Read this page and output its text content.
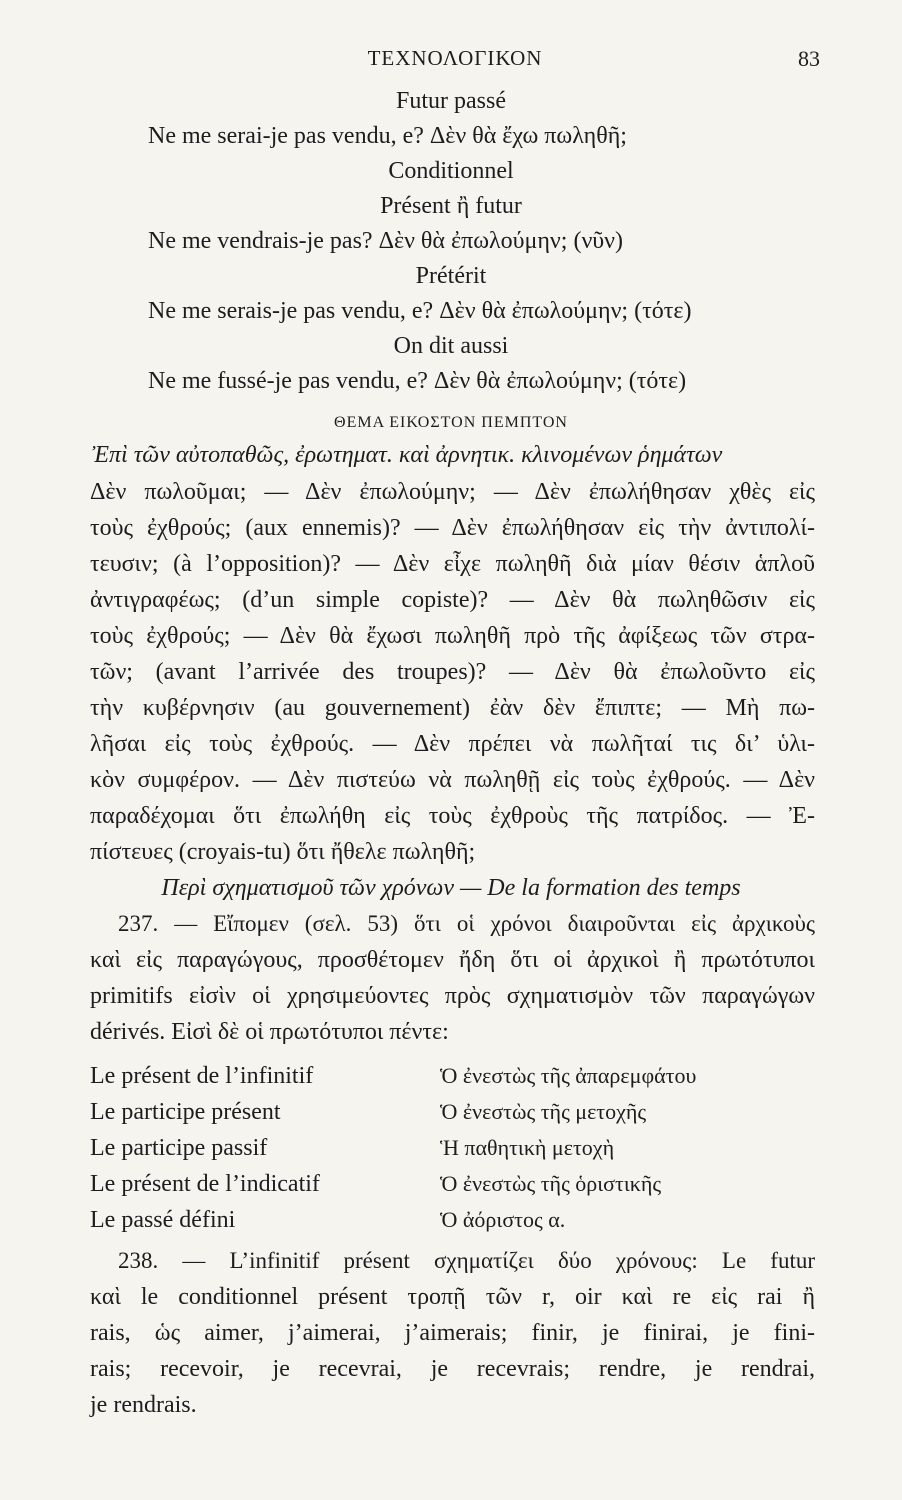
ΤΕΧΝΟΛΟΓΙΚΟΝ	83
Futur passé
Ne me serai-je pas vendu, e? Δὲν θὰ ἔχω πωληθῆ;
Conditionnel
Présent ἢ futur
Ne me vendrais-je pas? Δὲν θὰ ἐπωλούμην; (νῦν)
Prétérit
Ne me serais-je pas vendu, e? Δὲν θὰ ἐπωλούμην; (τότε)
On dit aussi
Ne me fussé-je pas vendu, e? Δὲν θὰ ἐπωλούμην; (τότε)
ΘΕΜΑ ΕΙΚΟΣΤΟΝ ΠΕΜΠΤΟΝ
Ἐπὶ τῶν αὐτοπαθῶς, ἐρωτηματ. καὶ ἀρνητικ. κλινομένων ῥημάτων
Δὲν πωλοῦμαι; — Δὲν ἐπωλούμην; — Δὲν ἐπωλήθησαν χθὲς εἰς
τοὺς ἐχθρούς; (aux ennemis)? — Δὲν ἐπωλήθησαν εἰς τὴν ἀντιπολί-
τευσιν; (à l’opposition)? — Δὲν εἶχε πωληθῆ διὰ μίαν θέσιν ἁπλοῦ
ἀντιγραφέως; (d’un simple copiste)? — Δὲν θὰ πωληθῶσιν εἰς
τοὺς ἐχθρούς; — Δὲν θὰ ἔχωσι πωληθῆ πρὸ τῆς ἀφίξεως τῶν στρα-
τῶν; (avant l’arrivée des troupes)? — Δὲν θὰ ἐπωλοῦντο εἰς
τὴν κυβέρνησιν (au gouvernement) ἐὰν δὲν ἔπιπτε; — Μὴ πω-
λῆσαι εἰς τοὺς ἐχθρούς. — Δὲν πρέπει νὰ πωλῆταί τις δι’ ὑλι-
κὸν συμφέρον. — Δὲν πιστεύω νὰ πωληθῇ εἰς τοὺς ἐχθρούς. — Δὲν
παραδέχομαι ὅτι ἐπωλήθη εἰς τοὺς ἐχθροὺς τῆς πατρίδος. — Ἐ-
πίστευες (croyais-tu) ὅτι ἤθελε πωληθῆ;
Περὶ σχηματισμοῦ τῶν χρόνων — De la formation des temps
237. — Εἴπομεν (σελ. 53) ὅτι οἱ χρόνοι διαιροῦνται εἰς ἀρχικοὺς
καὶ εἰς παραγώγους, προσθέτομεν ἤδη ὅτι οἱ ἀρχικοὶ ἢ πρωτότυποι
primitifs εἰσὶν οἱ χρησιμεύοντες πρὸς σχηματισμὸν τῶν παραγώγων
dérivés. Εἰσὶ δὲ οἱ πρωτότυποι πέντε:
Le présent de l’infinitif	Ὁ ἐνεστὼς τῆς ἀπαρεμφάτου
Le participe présent	Ὁ ἐνεστὼς τῆς μετοχῆς
Le participe passif	Ἡ παθητικὴ μετοχὴ
Le présent de l’indicatif	Ὁ ἐνεστὼς τῆς ὁριστικῆς
Le passé défini	Ὁ ἀόριστος α.
238. — L’infinitif présent σχηματίζει δύο χρόνους: Le futur
καὶ le conditionnel présent τροπῇ τῶν r, oir καὶ re εἰς rai ἢ
rais, ὡς aimer, j’aimerai, j’aimerais; finir, je finirai, je fini-
rais; recevoir, je recevrai, je recevrais; rendre, je rendrai,
je rendrais.
